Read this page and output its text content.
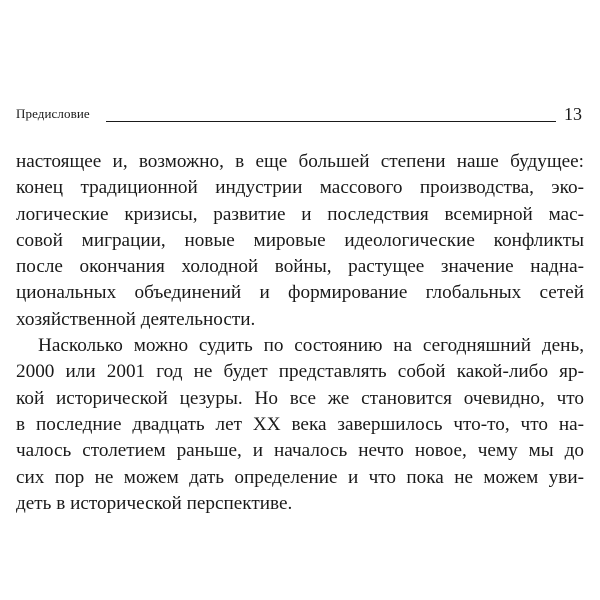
Предисловие	13
настоящее и, возможно, в еще большей степени наше будущее:
конец традиционной индустрии массового производства, эко-
логические кризисы, развитие и последствия всемирной мас-
совой миграции, новые мировые идеологические конфликты
после окончания холодной войны, растущее значение надна-
циональных объединений и формирование глобальных сетей
хозяйственной деятельности.
Насколько можно судить по состоянию на сегодняшний день,
2000 или 2001 год не будет представлять собой какой-либо яр-
кой исторической цезуры. Но все же становится очевидно, что
в последние двадцать лет XX века завершилось что-то, что на-
чалось столетием раньше, и началось нечто новое, чему мы до
сих пор не можем дать определение и что пока не можем уви-
деть в исторической перспективе.
